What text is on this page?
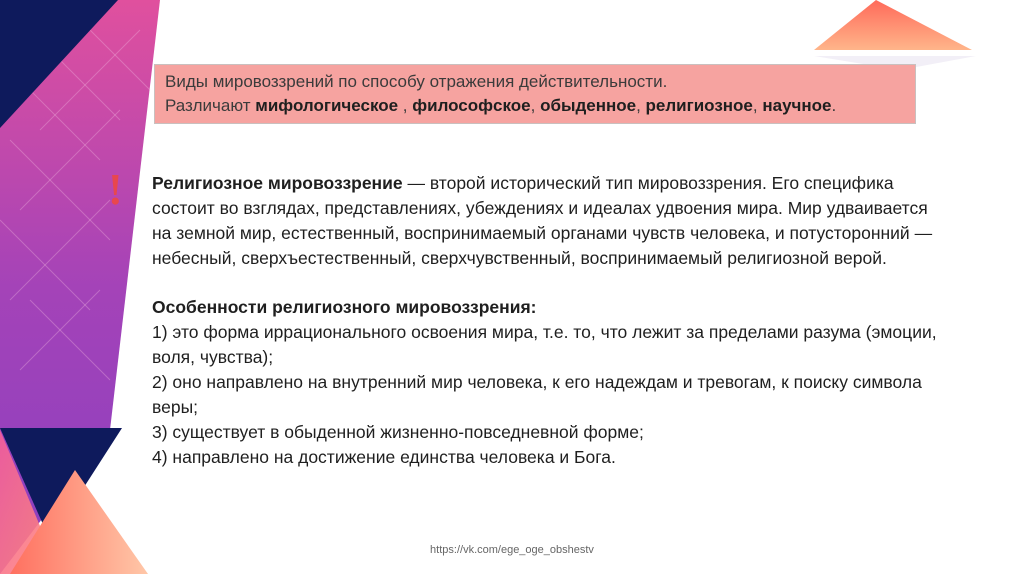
Виды мировоззрений по способу отражения действительности.
Различают мифологическое , философское, обыденное, религиозное, научное.
! Религиозное мировоззрение — второй исторический тип мировоззрения. Его специфика состоит во взглядах, представлениях, убеждениях и идеалах удвоения мира. Мир удваивается на земной мир, естественный, воспринимаемый органами чувств человека, и потусторонний — небесный, сверхъестественный, сверхчувственный, воспринимаемый религиозной верой.

Особенности религиозного мировоззрения:

1) это форма иррационального освоения мира, т.е. то, что лежит за пределами разума (эмоции, воля, чувства);

2) оно направлено на внутренний мир человека, к его надеждам и тревогам, к поиску символа веры;

3) существует в обыденной жизненно-повседневной форме;

4) направлено на достижение единства человека и Бога.

https://vk.com/ege_oge_obshestv
